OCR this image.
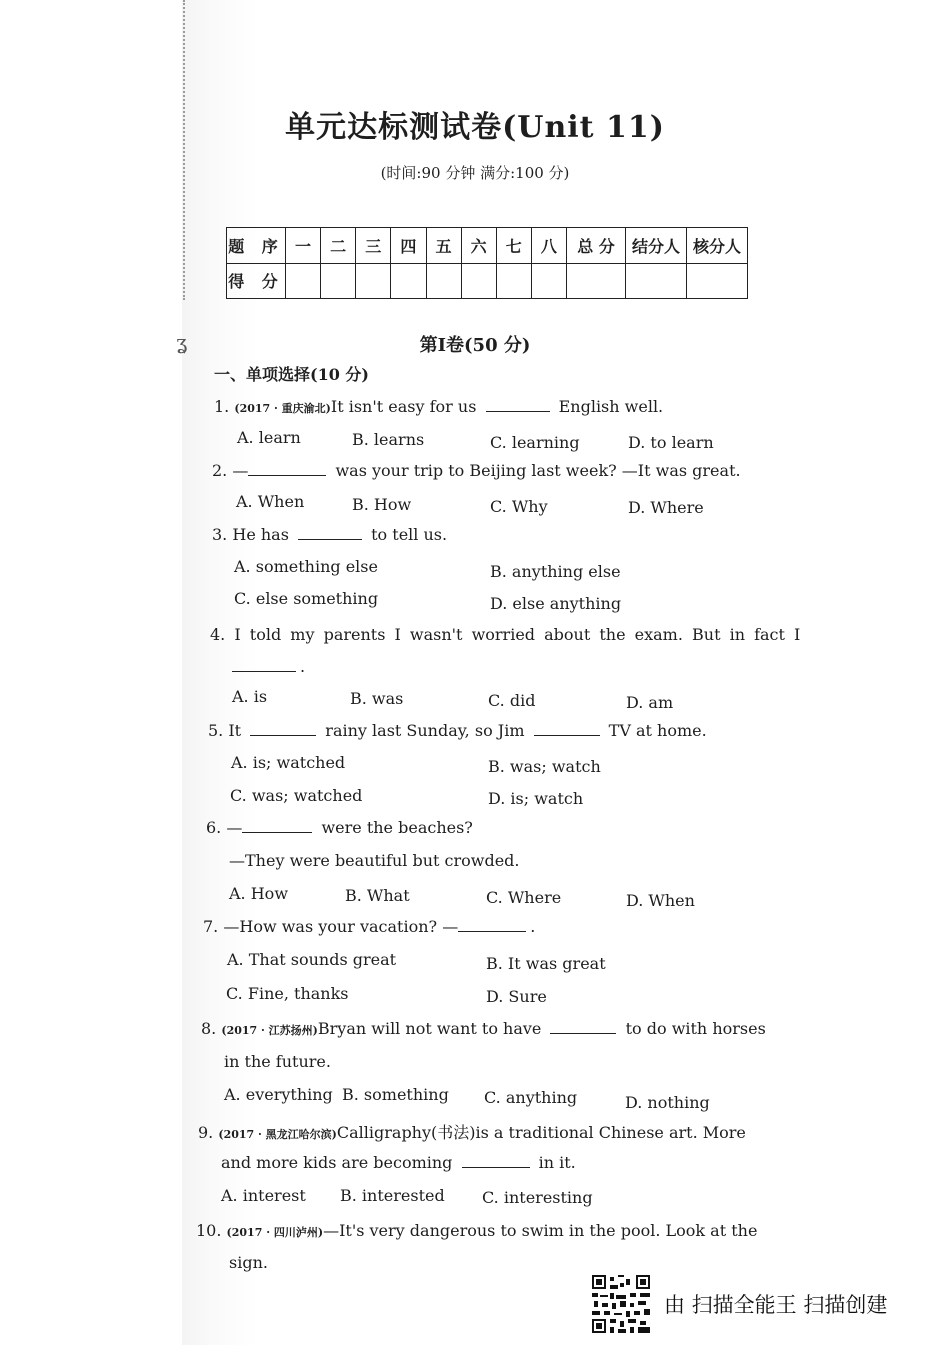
ʓ
单元达标测试卷(Unit 11)
(时间:90 分钟 满分:100 分)
题 序	一	二	三	四	五	六	七	八	总 分	结分人	核分人
得 分											
第Ⅰ卷(50 分)
一、单项选择(10 分)
1. (2017 · 重庆渝北)It isn't easy for us	English well.
A. learn	B. learns	C. learning	D. to learn
2. —	was your trip to Beijing last week? —It was great.
A. When	B. How	C. Why	D. Where
3. He has	to tell us.
A. something else	B. anything else
C. else something	D. else anything
4. I told my parents I wasn't worried about the exam. But in fact I
.
A. is	B. was	C. did	D. am
5. It	rainy last Sunday, so Jim	TV at home.
A. is; watched	B. was; watch
C. was; watched	D. is; watch
6. —	were the beaches?
—They were beautiful but crowded.
A. How	B. What	C. Where	D. When
7. —How was your vacation? —	.
A. That sounds great	B. It was great
C. Fine, thanks	D. Sure
8. (2017 · 江苏扬州)Bryan will not want to have	to do with horses
in the future.
A. everything B. something C. anything	D. nothing
9. (2017 · 黑龙江哈尔滨)Calligraphy(书法)is a traditional Chinese art. More
and more kids are becoming	in it.
A. interest B. interested C. interesting
10. (2017 · 四川泸州)—It's very dangerous to swim in the pool. Look at the
sign.
由 扫描全能王 扫描创建
